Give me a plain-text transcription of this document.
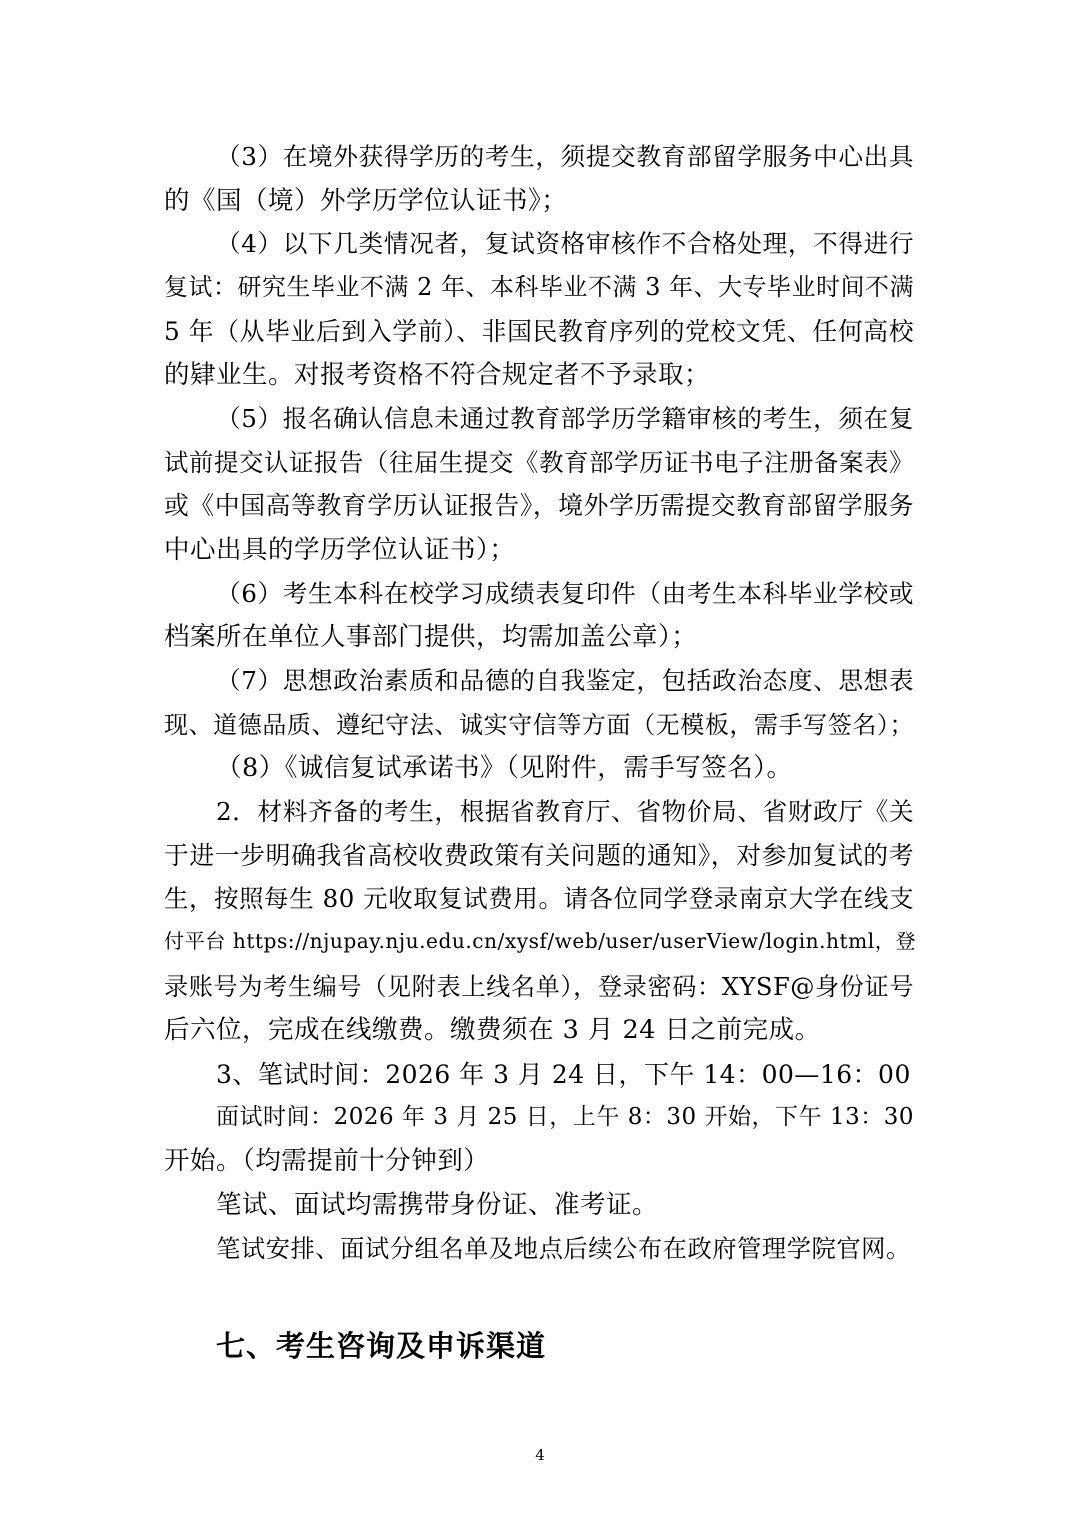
（3）在境外获得学历的考生，须提交教育部留学服务中心出具
的《国（境）外学历学位认证书》；
（4）以下几类情况者，复试资格审核作不合格处理，不得进行
复试：研究生毕业不满 2 年、本科毕业不满 3 年、大专毕业时间不满
5 年（从毕业后到入学前）、非国民教育序列的党校文凭、任何高校
的肄业生。对报考资格不符合规定者不予录取；
（5）报名确认信息未通过教育部学历学籍审核的考生，须在复
试前提交认证报告（往届生提交《教育部学历证书电子注册备案表》
或《中国高等教育学历认证报告》，境外学历需提交教育部留学服务
中心出具的学历学位认证书）；
（6）考生本科在校学习成绩表复印件（由考生本科毕业学校或
档案所在单位人事部门提供，均需加盖公章）；
（7）思想政治素质和品德的自我鉴定，包括政治态度、思想表
现、道德品质、遵纪守法、诚实守信等方面（无模板，需手写签名）；
（8）《诚信复试承诺书》（见附件，需手写签名）。
2．材料齐备的考生，根据省教育厅、省物价局、省财政厅《关
于进一步明确我省高校收费政策有关问题的通知》，对参加复试的考
生，按照每生 80 元收取复试费用。请各位同学登录南京大学在线支
付平台 https://njupay.nju.edu.cn/xysf/web/user/userView/login.html，登
录账号为考生编号（见附表上线名单），登录密码：XYSF@身份证号
后六位，完成在线缴费。缴费须在 3 月 24 日之前完成。
3、笔试时间：2026 年 3 月 24 日，下午 14：00—16：00
面试时间：2026 年 3 月 25 日，上午 8：30 开始，下午 13：30
开始。（均需提前十分钟到）
笔试、面试均需携带身份证、准考证。
笔试安排、面试分组名单及地点后续公布在政府管理学院官网。
七、考生咨询及申诉渠道
4
